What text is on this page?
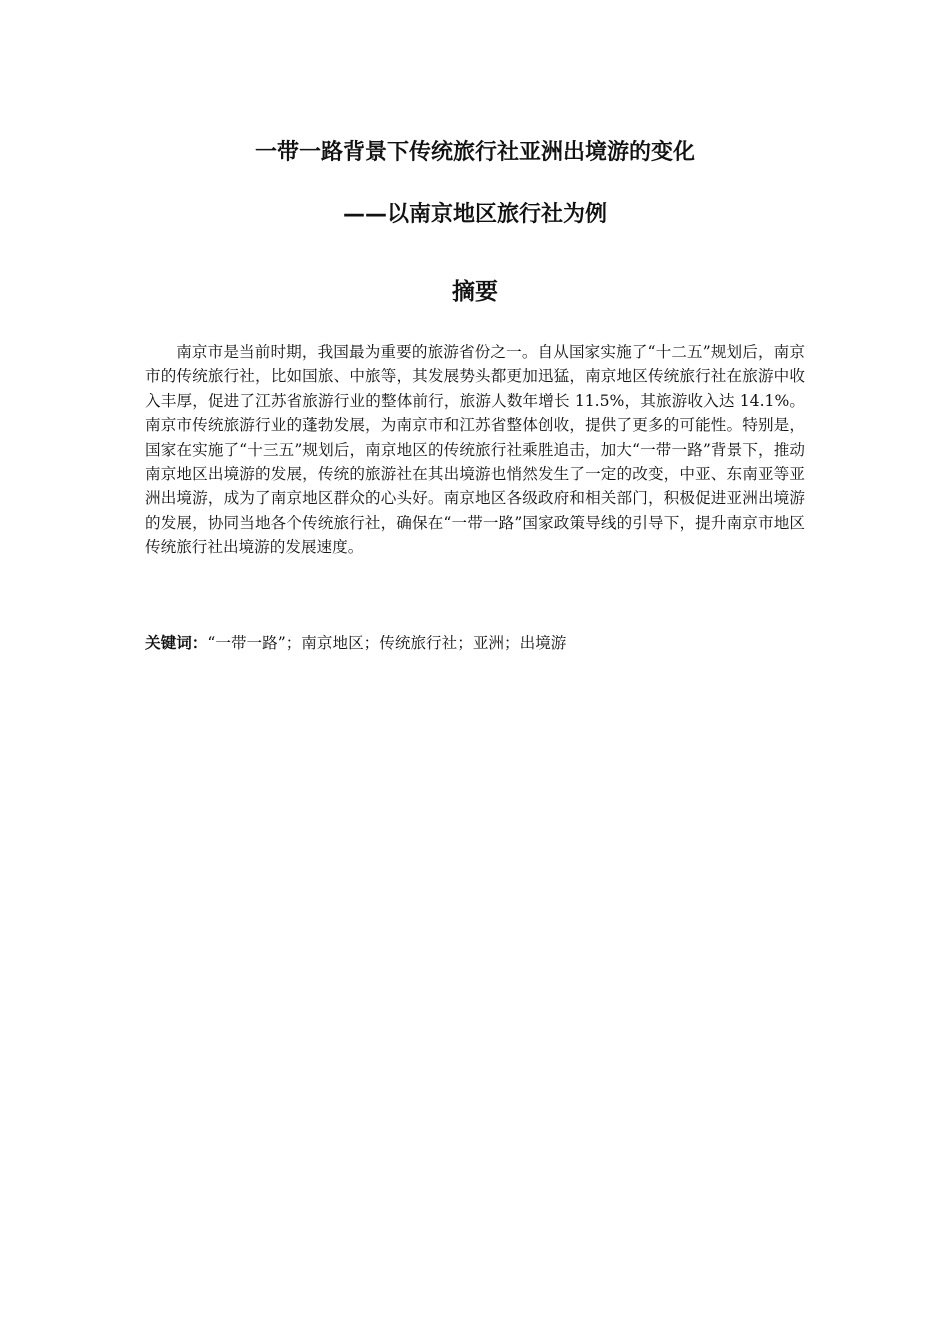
一带一路背景下传统旅行社亚洲出境游的变化
——以南京地区旅行社为例
摘要
南京市是当前时期，我国最为重要的旅游省份之一。自从国家实施了“十二五”规划后，南京市的传统旅行社，比如国旅、中旅等，其发展势头都更加迅猛，南京地区传统旅行社在旅游中收入丰厚，促进了江苏省旅游行业的整体前行，旅游人数年增长 11.5%，其旅游收入达 14.1%。南京市传统旅游行业的蓬勃发展，为南京市和江苏省整体创收，提供了更多的可能性。特别是，国家在实施了“十三五”规划后，南京地区的传统旅行社乘胜追击，加大“一带一路”背景下，推动南京地区出境游的发展，传统的旅游社在其出境游也悄然发生了一定的改变，中亚、东南亚等亚洲出境游，成为了南京地区群众的心头好。南京地区各级政府和相关部门，积极促进亚洲出境游的发展，协同当地各个传统旅行社，确保在“一带一路”国家政策导线的引导下，提升南京市地区传统旅行社出境游的发展速度。
关键词：“一带一路”；南京地区；传统旅行社；亚洲；出境游
